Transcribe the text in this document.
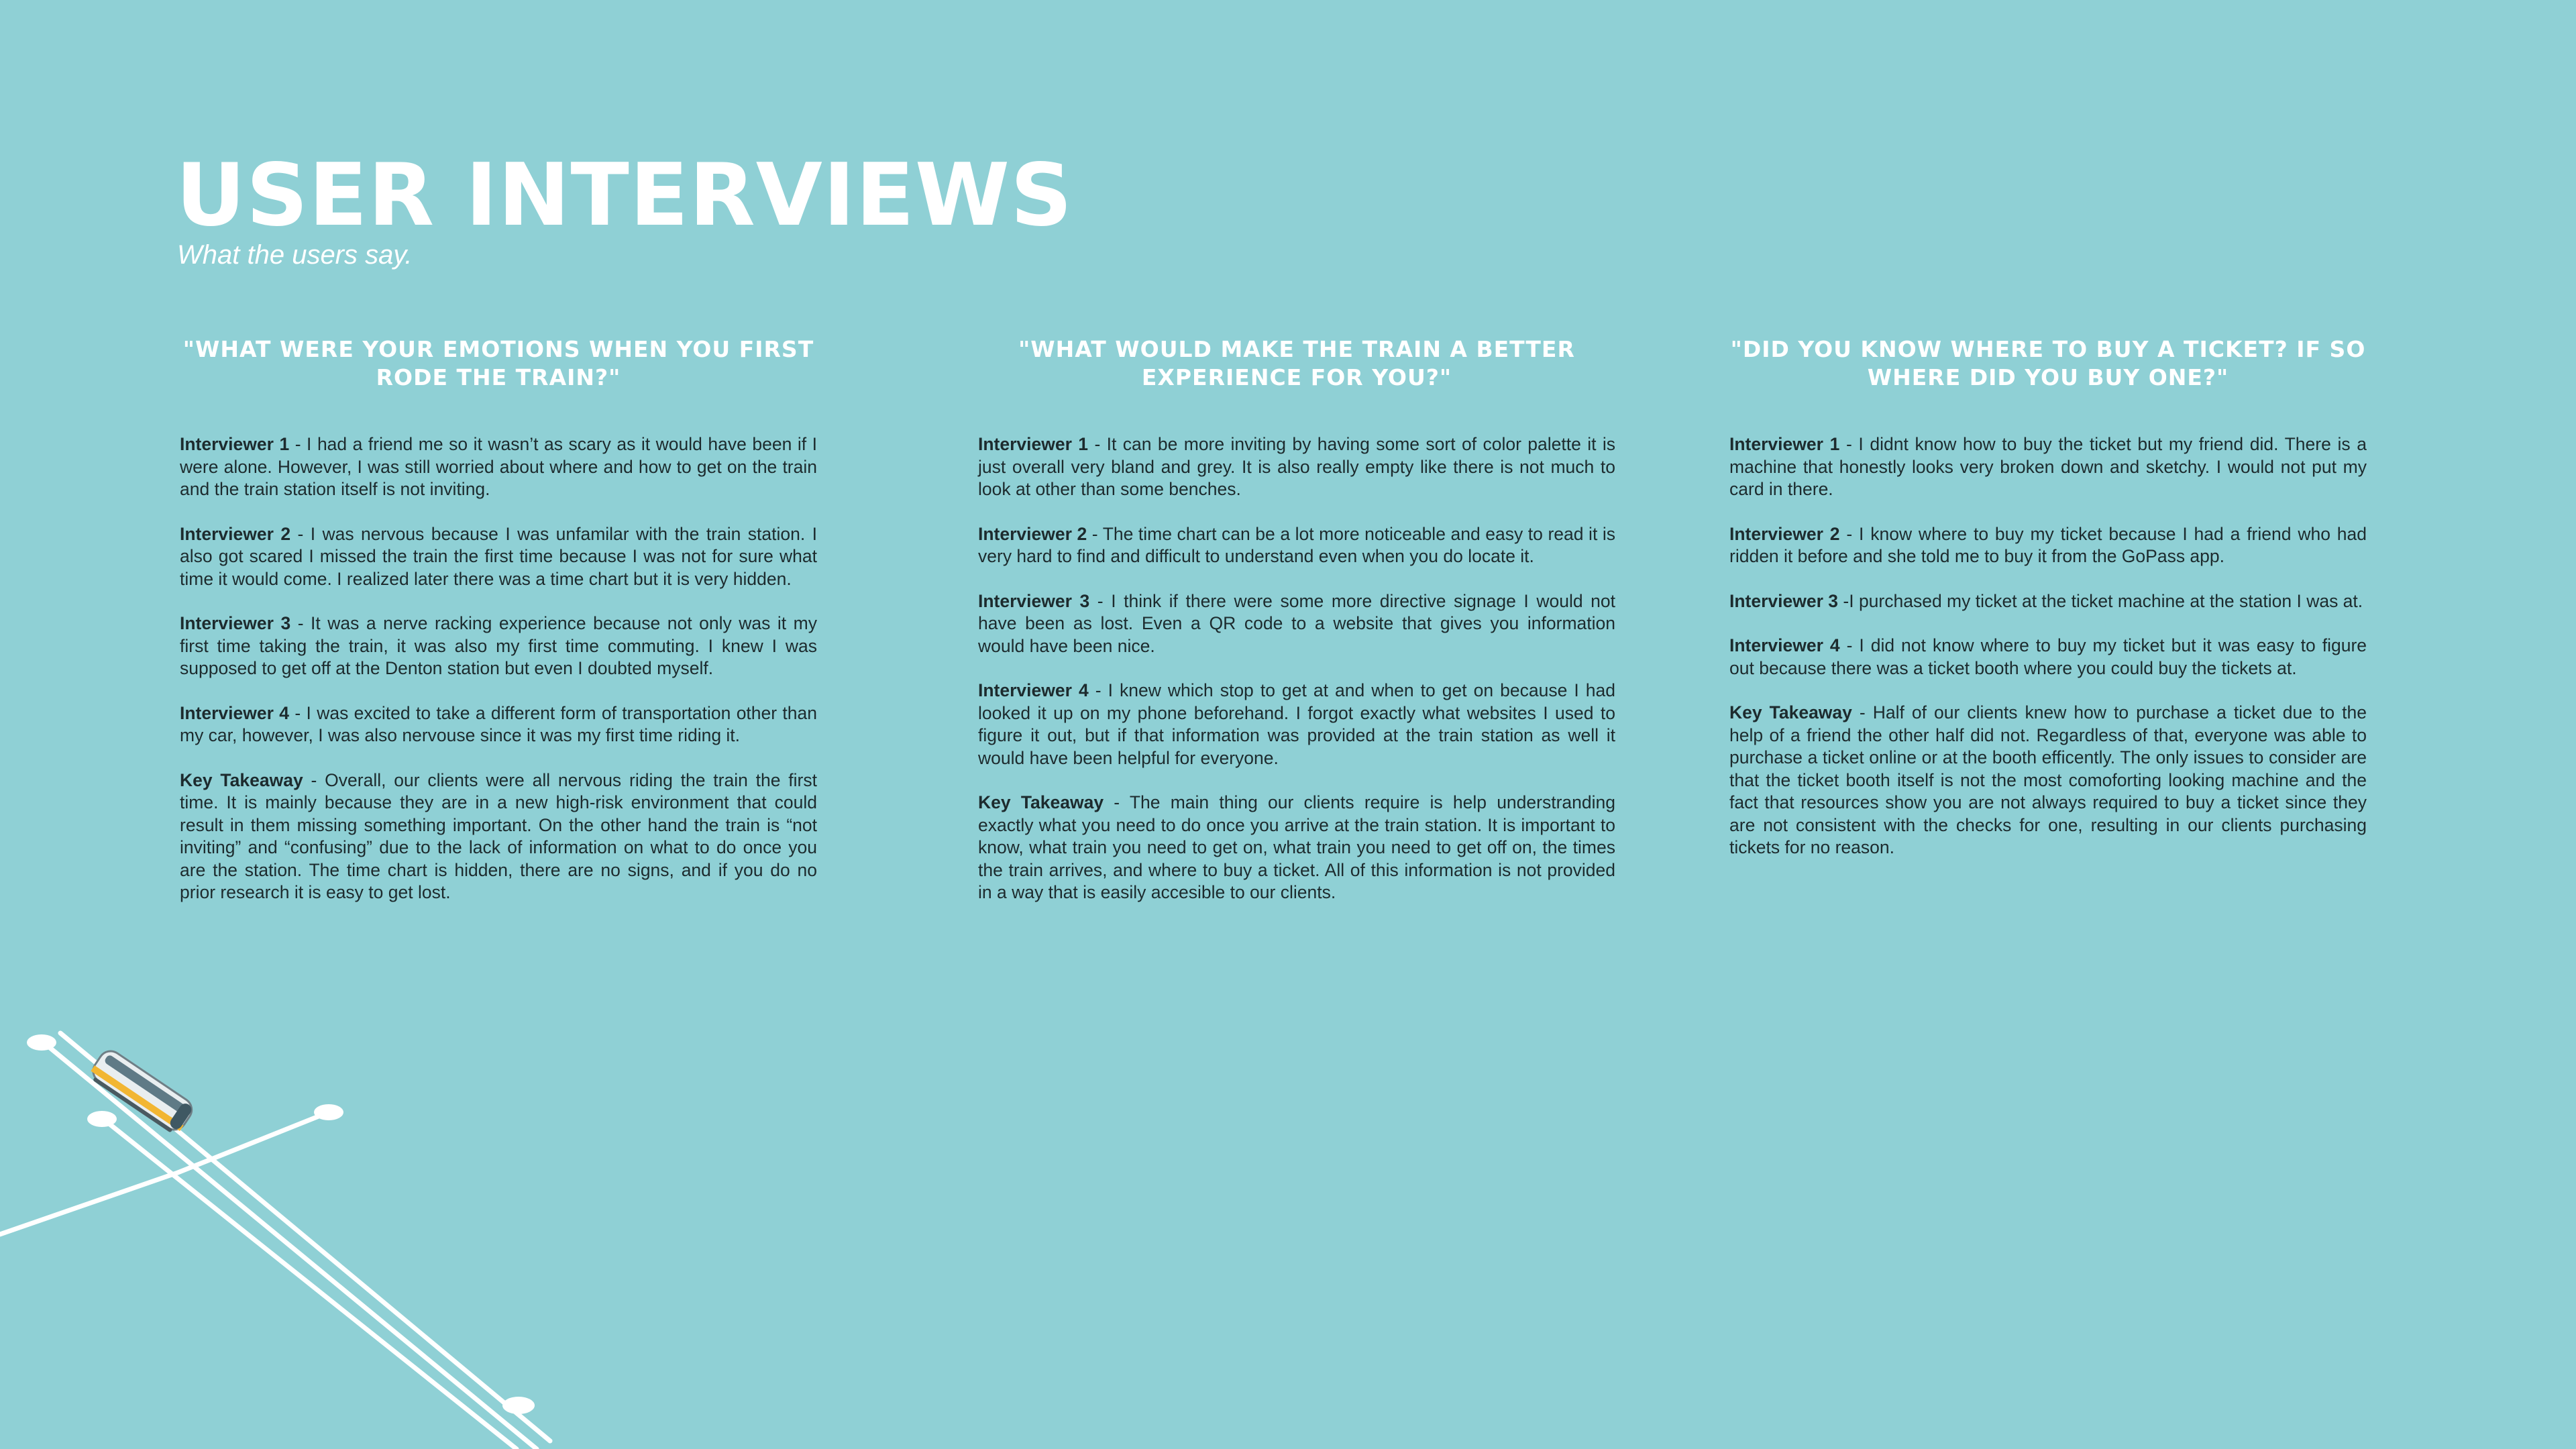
USER INTERVIEWS
What the users say.
"WHAT WERE YOUR EMOTIONS WHEN YOU FIRST RODE THE TRAIN?"

Interviewer 1 - I had a friend me so it wasn’t as scary as it would have been if I were alone. However, I was still worried about where and how to get on the train and the train station itself is not inviting.

Interviewer 2 - I was nervous because I was unfamilar with the train station. I also got scared I missed the train the first time because I was not for sure what time it would come. I realized later there was a time chart but it is very hidden.

Interviewer 3 - It was a nerve racking experience because not only was it my first time taking the train, it was also my first time commuting. I knew I was supposed to get off at the Denton station but even I doubted myself.

Interviewer 4 - I was excited to take a different form of transportation other than my car, however, I was also nervouse since it was my first time riding it.

Key Takeaway - Overall, our clients were all nervous riding the train the first time. It is mainly because they are in a new high-risk environment that could result in them missing something important. On the other hand the train is “not inviting” and “confusing” due to the lack of information on what to do once you are the station. The time chart is hidden, there are no signs, and if you do no prior research it is easy to get lost.

"WHAT WOULD MAKE THE TRAIN A BETTER EXPERIENCE FOR YOU?"

Interviewer 1 - It can be more inviting by having some sort of color palette it is just overall very bland and grey. It is also really empty like there is not much to look at other than some benches.

Interviewer 2 - The time chart can be a lot more noticeable and easy to read it is very hard to find and difficult to understand even when you do locate it.

Interviewer 3 - I think if there were some more directive signage I would not have been as lost. Even a QR code to a website that gives you information would have been nice.

Interviewer 4 - I knew which stop to get at and when to get on because I had looked it up on my phone beforehand. I forgot exactly what websites I used to figure it out, but if that information was provided at the train station as well it would have been helpful for everyone.

Key Takeaway - The main thing our clients require is help understranding exactly what you need to do once you arrive at the train station. It is important to know, what train you need to get on, what train you need to get off on, the times the train arrives, and where to buy a ticket. All of this information is not provided in a way that is easily accesible to our clients.

"DID YOU KNOW WHERE TO BUY A TICKET? IF SO WHERE DID YOU BUY ONE?"

Interviewer 1 - I didnt know how to buy the ticket but my friend did. There is a machine that honestly looks very broken down and sketchy. I would not put my card in there.

Interviewer 2 - I know where to buy my ticket because I had a friend who had ridden it before and she told me to buy it from the GoPass app.

Interviewer 3 -I purchased my ticket at the ticket machine at the station I was at.

Interviewer 4 - I did not know where to buy my ticket but it was easy to figure out because there was a ticket booth where you could buy the tickets at.

Key Takeaway - Half of our clients knew how to purchase a ticket due to the help of a friend the other half did not. Regardless of that, everyone was able to purchase a ticket online or at the booth efficently. The only issues to consider are that the ticket booth itself is not the most comoforting looking machine and the fact that resources show you are not always required to buy a ticket since they are not consistent with the checks for one, resulting in our clients purchasing tickets for no reason.
